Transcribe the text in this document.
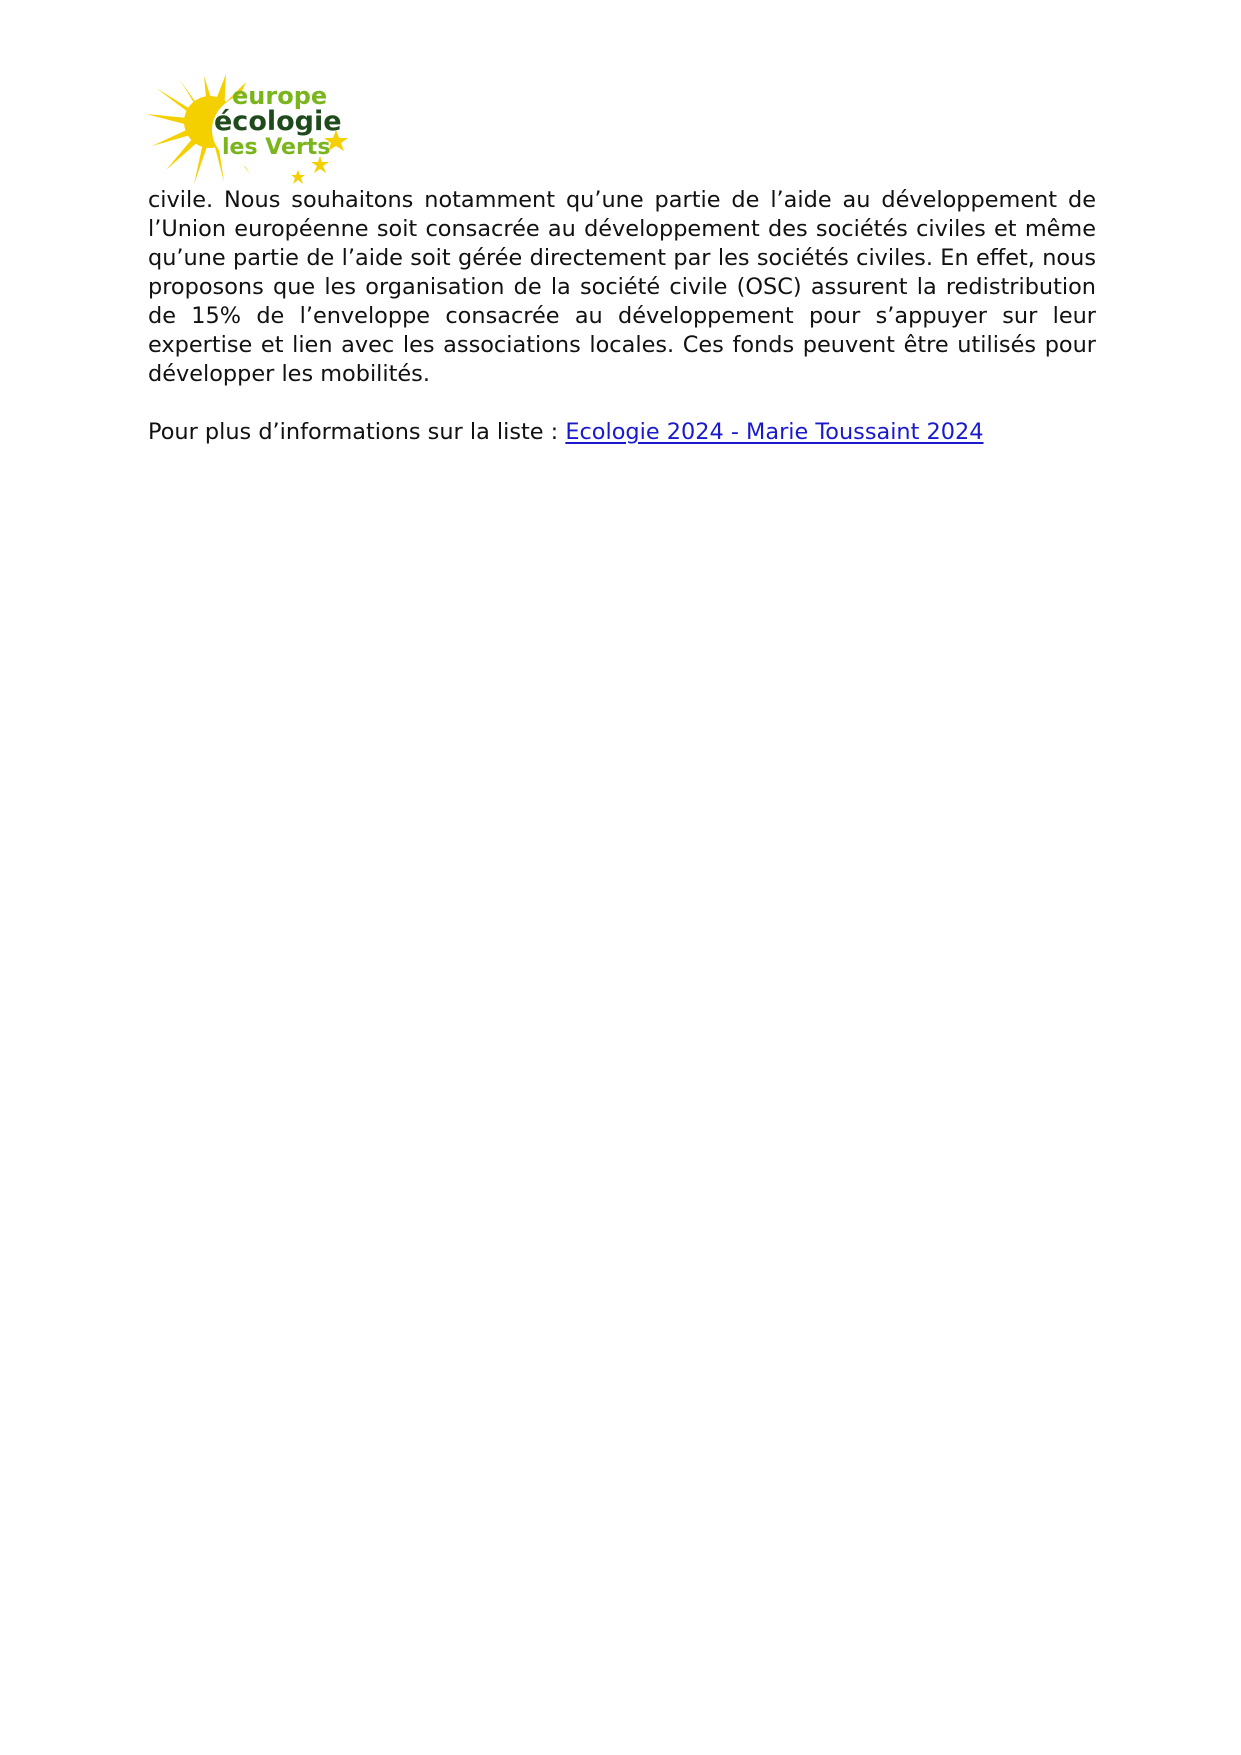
europe
écologie
les Verts

civile. Nous souhaitons notamment qu’une partie de l’aide au développement de l’Union européenne soit consacrée au développement des sociétés civiles et même qu’une partie de l’aide soit gérée directement par les sociétés civiles. En effet, nous proposons que les organisation de la société civile (OSC) assurent la redistribution de 15% de l’enveloppe consacrée au développement pour s’appuyer sur leur expertise et lien avec les associations locales. Ces fonds peuvent être utilisés pour développer les mobilités.

Pour plus d’informations sur la liste : Ecologie 2024 - Marie Toussaint 2024
